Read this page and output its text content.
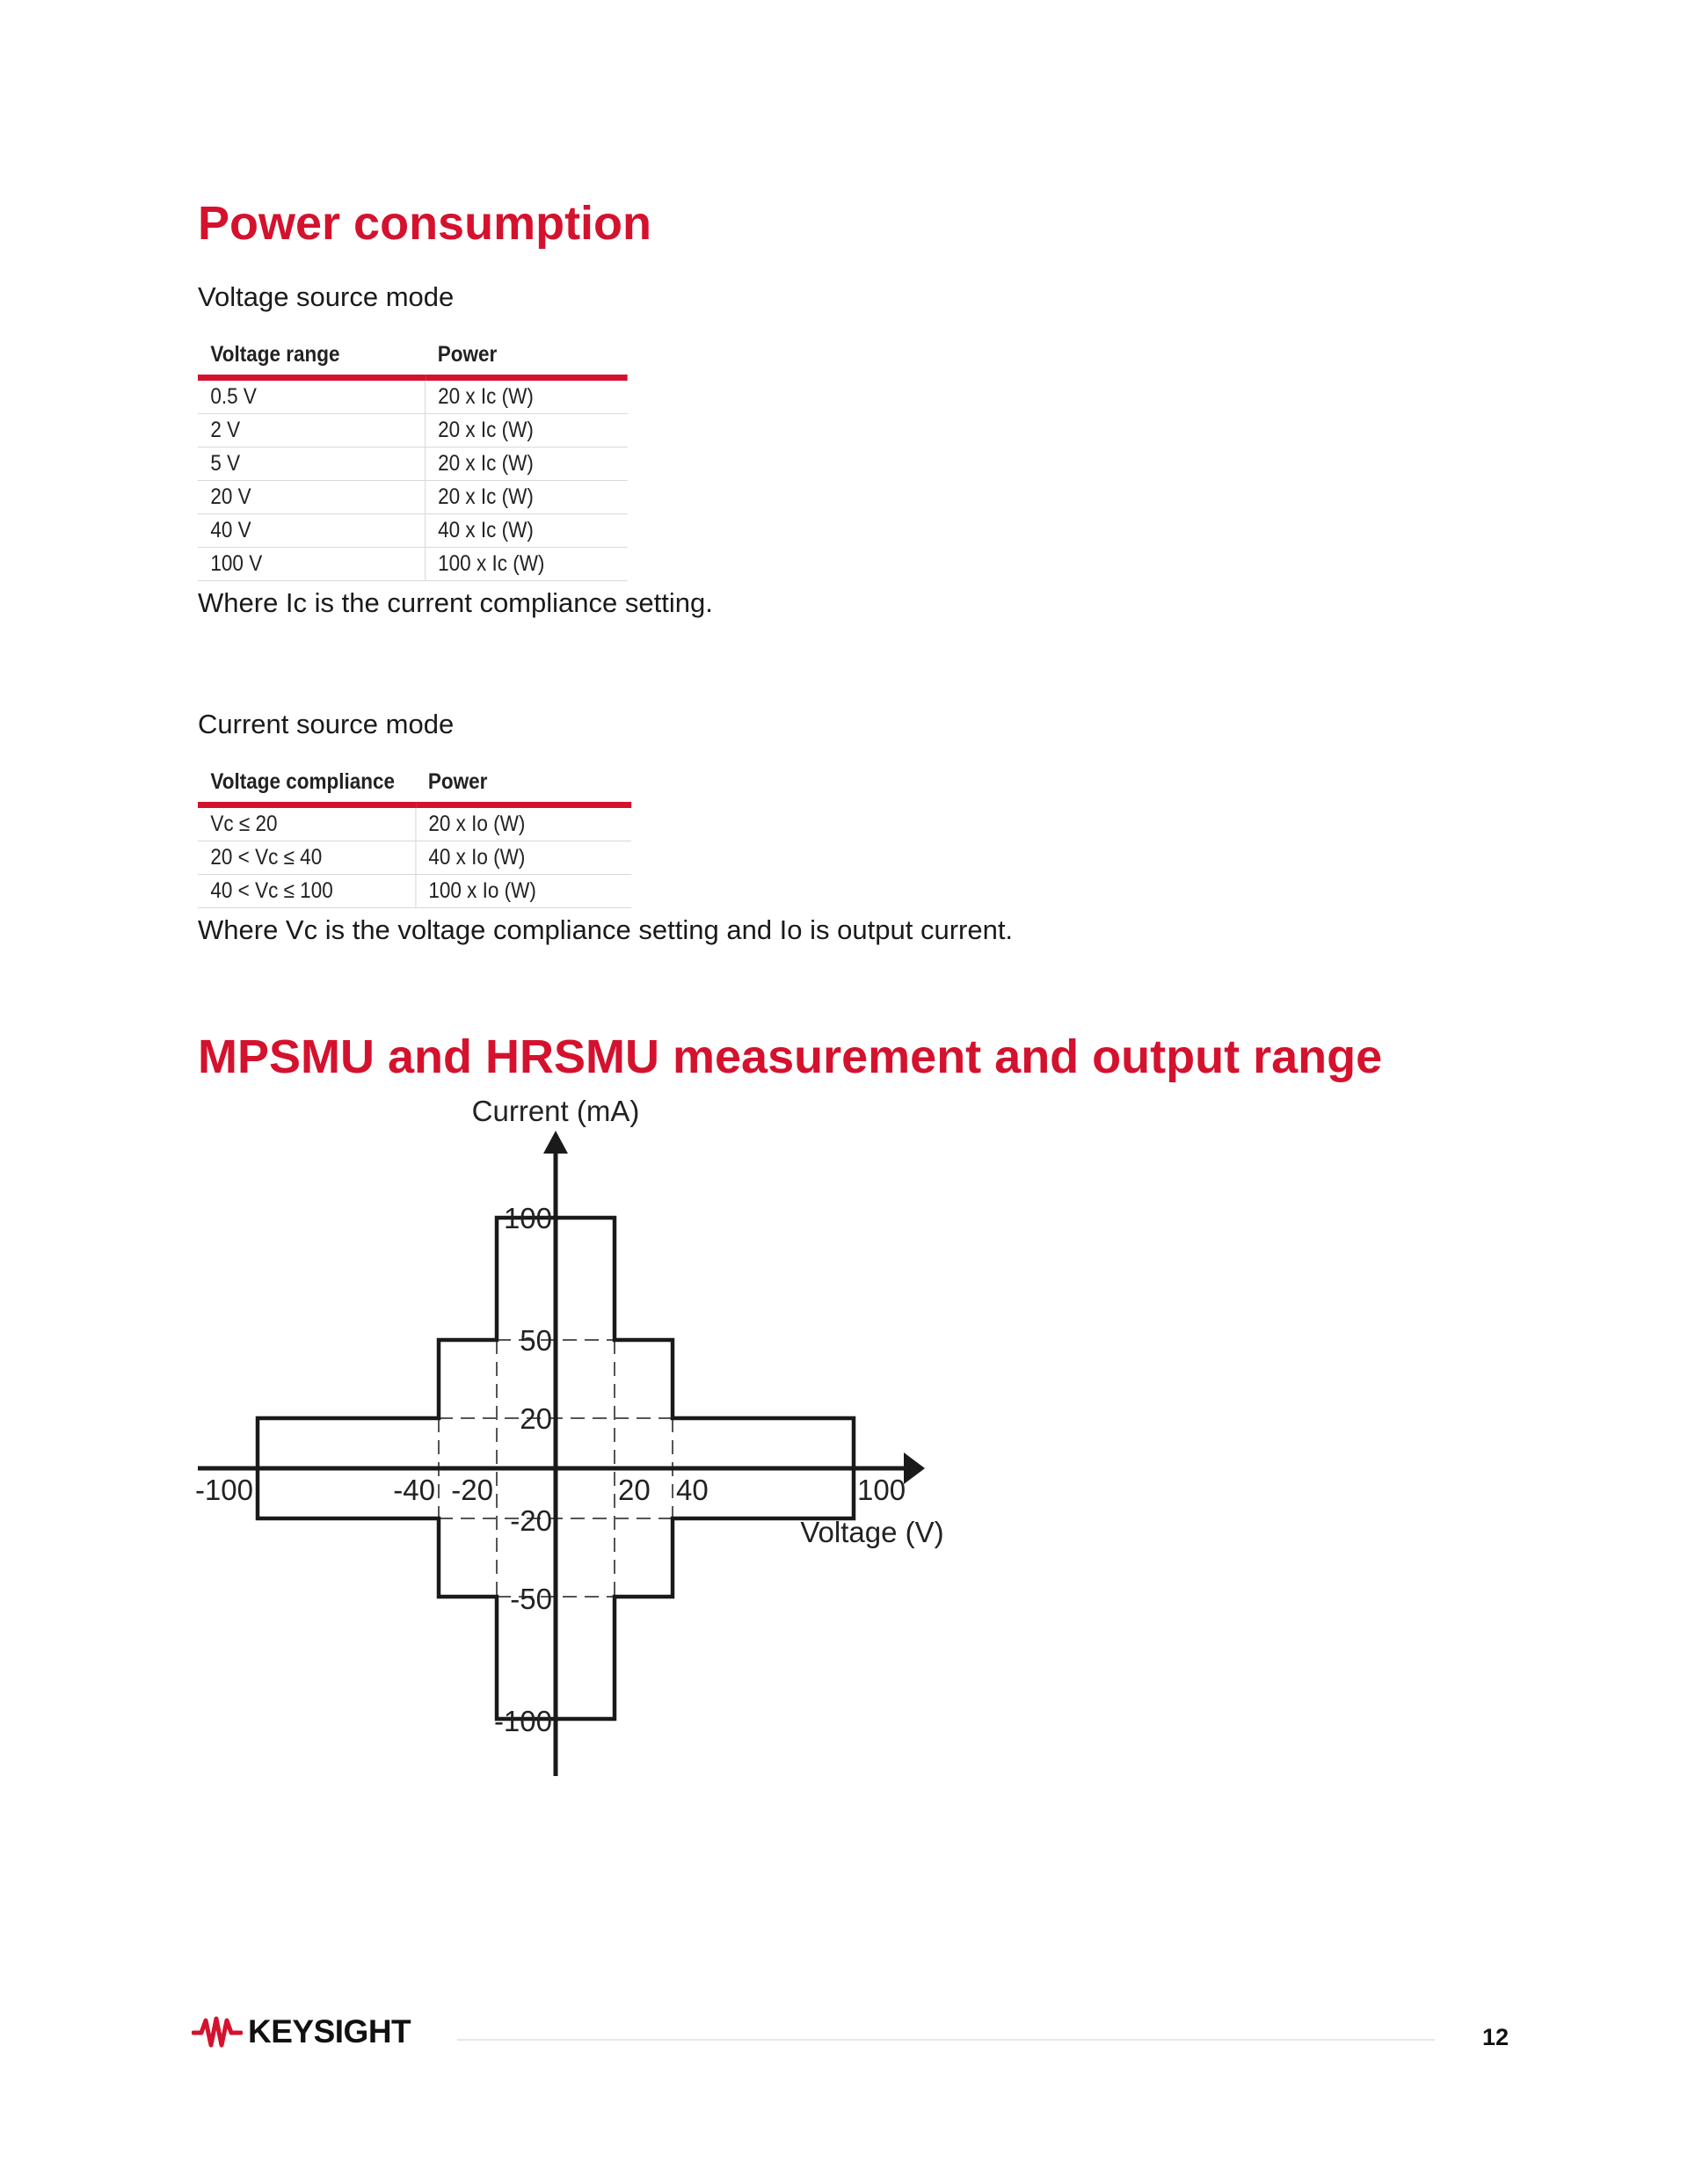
Power consumption

Voltage source mode

Voltage range	Power
0.5 V	20 x Ic (W)
2 V	20 x Ic (W)
5 V	20 x Ic (W)
20 V	20 x Ic (W)
40 V	40 x Ic (W)
100 V	100 x Ic (W)

Where Ic is the current compliance setting.

Current source mode

Voltage compliance	Power
Vc ≤ 20	20 x Io (W)
20 < Vc ≤ 40	40 x Io (W)
40 < Vc ≤ 100	100 x Io (W)

Where Vc is the voltage compliance setting and Io is output current.

MPSMU and HRSMU measurement and output range
Current (mA)
Voltage (V)
-100	-40 -20	20 40	100
100
50
20
-20
-50
-100
KEYSIGHT	12
